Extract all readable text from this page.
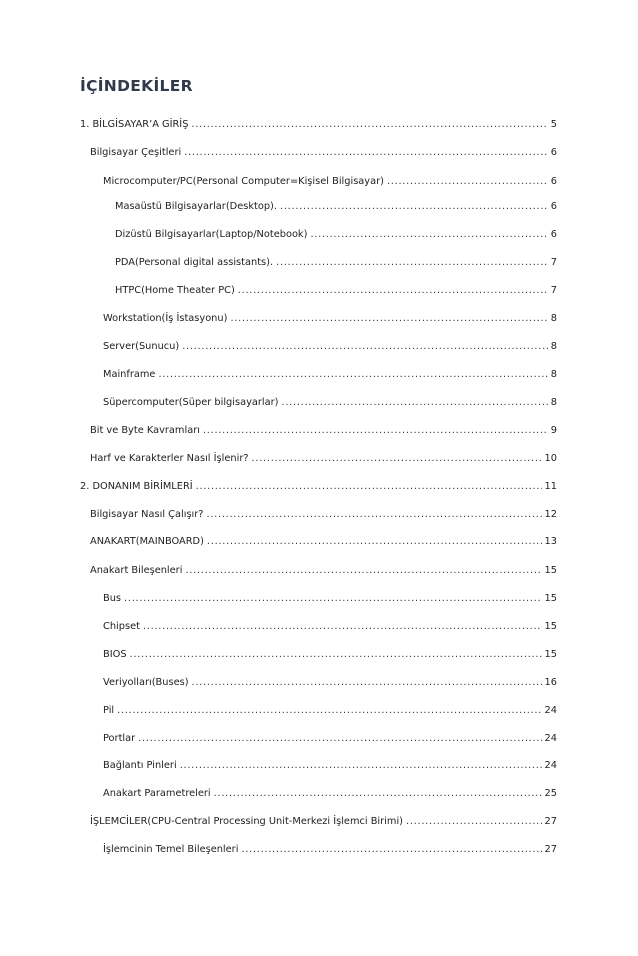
İÇİNDEKİLER
1. BİLGİSAYAR’A GİRİŞ . . .	5
Bilgisayar Çeşitleri . . .	6
Microcomputer/PC(Personal Computer=Kişisel Bilgisayar) . . .	6
Masaüstü Bilgisayarlar(Desktop). . . .	6
Dizüstü Bilgisayarlar(Laptop/Notebook) . . .	6
PDA(Personal digital assistants). . . .	7
HTPC(Home Theater PC) . . .	7
Workstation(İş İstasyonu) . . .	8
Server(Sunucu) . . .	8
Mainframe . . .	8
Süpercomputer(Süper bilgisayarlar) . . .	8
Bit ve Byte Kavramları . . .	9
Harf ve Karakterler Nasıl İşlenir? . . .	10
2. DONANIM BİRİMLERİ . . .	11
Bilgisayar Nasıl Çalışır? . . .	12
ANAKART(MAINBOARD) . . .	13
Anakart Bileşenleri . . .	15
Bus . . .	15
Chipset . . .	15
BIOS . . .	15
Veriyolları(Buses) . . .	16
Pil . . .	24
Portlar . . .	24
Bağlantı Pinleri . . .	24
Anakart Parametreleri . . .	25
İŞLEMCİLER(CPU-Central Processing Unit-Merkezi İşlemci Birimi) . . .	27
İşlemcinin Temel Bileşenleri . . .	27
